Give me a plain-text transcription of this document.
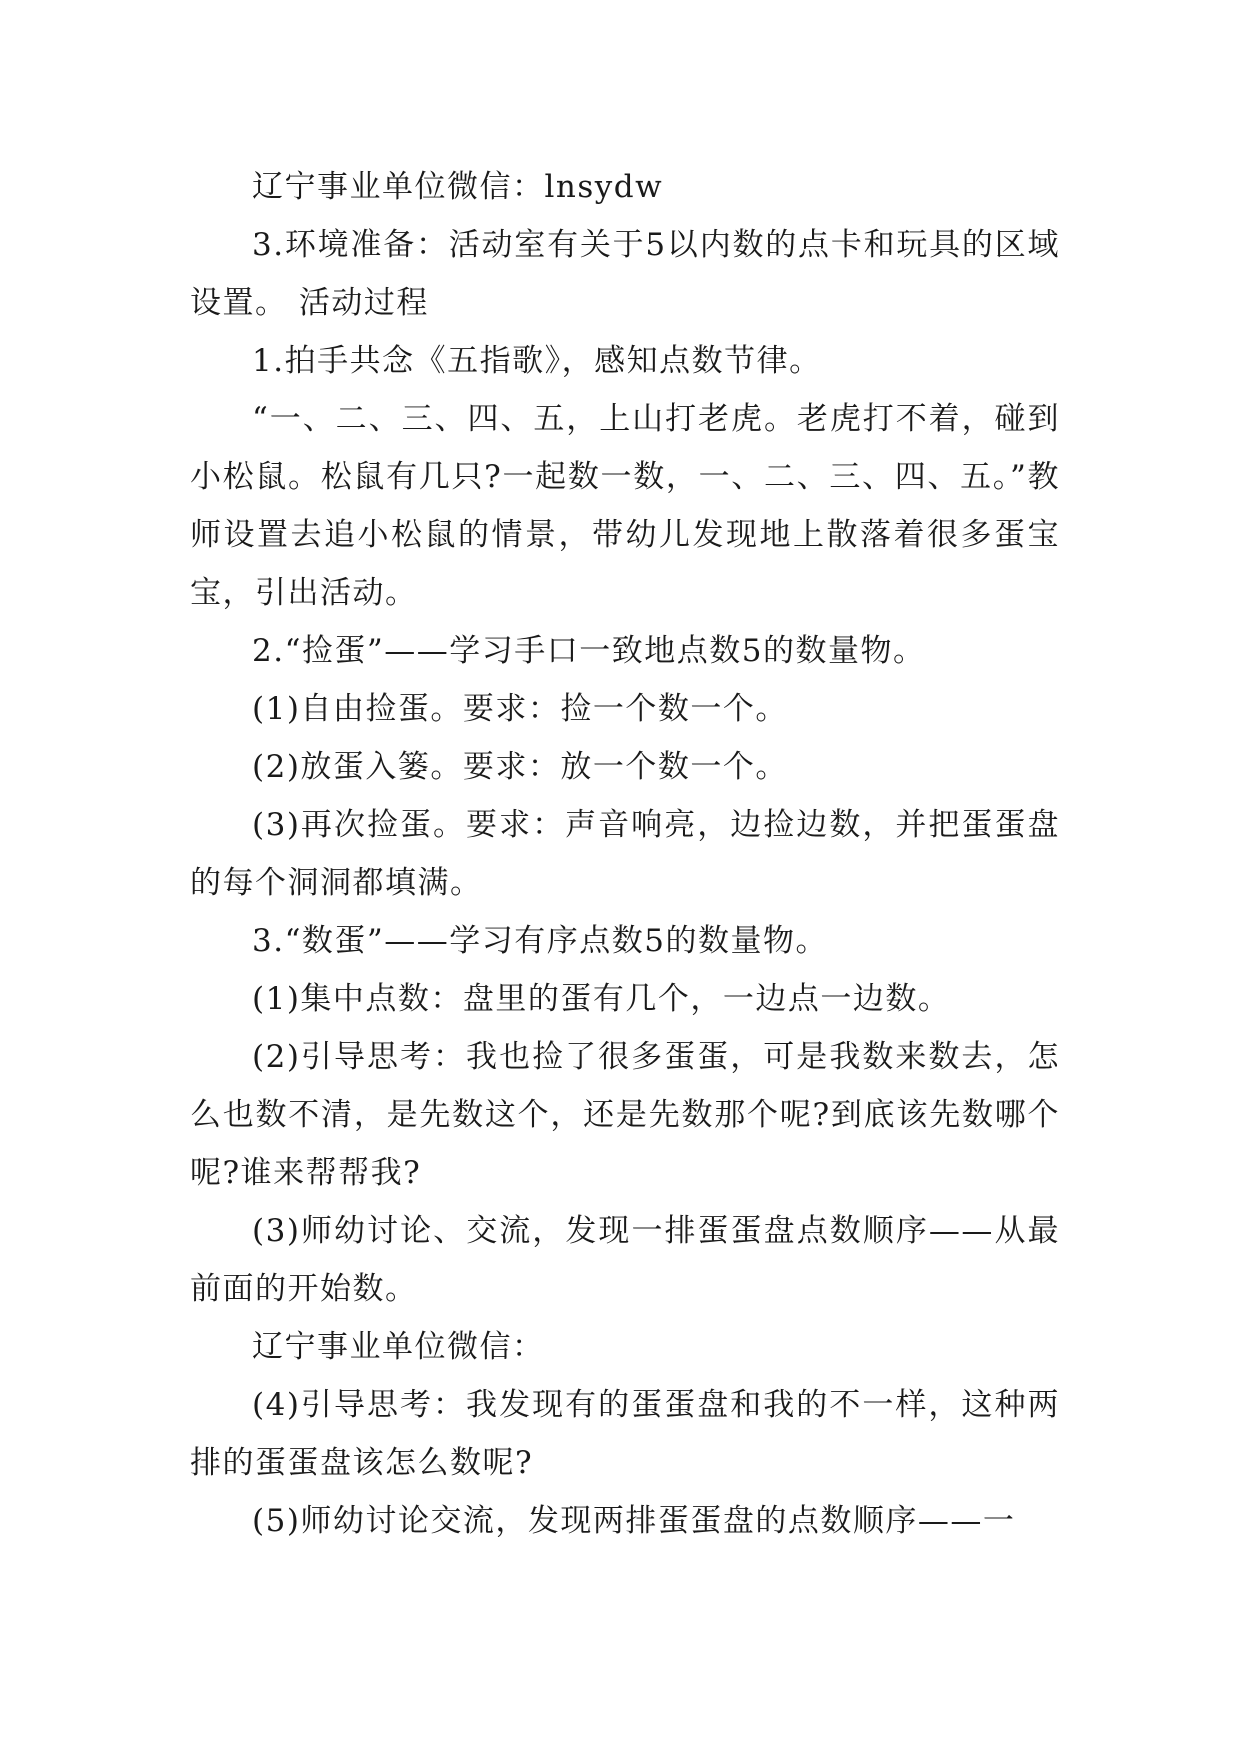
辽宁事业单位微信：lnsydw

3.环境准备：活动室有关于5以内数的点卡和玩具的区域设置。 活动过程

1.拍手共念《五指歌》，感知点数节律。

“一、二、三、四、五，上山打老虎。老虎打不着，碰到小松鼠。松鼠有几只?一起数一数，一、二、三、四、五。”教师设置去追小松鼠的情景，带幼儿发现地上散落着很多蛋宝宝，引出活动。

2.“捡蛋”——学习手口一致地点数5的数量物。

(1)自由捡蛋。要求：捡一个数一个。

(2)放蛋入篓。要求：放一个数一个。

(3)再次捡蛋。要求：声音响亮，边捡边数，并把蛋蛋盘的每个洞洞都填满。

3.“数蛋”——学习有序点数5的数量物。

(1)集中点数：盘里的蛋有几个，一边点一边数。

(2)引导思考：我也捡了很多蛋蛋，可是我数来数去，怎么也数不清，是先数这个，还是先数那个呢?到底该先数哪个呢?谁来帮帮我?

(3)师幼讨论、交流，发现一排蛋蛋盘点数顺序——从最前面的开始数。

辽宁事业单位微信：

(4)引导思考：我发现有的蛋蛋盘和我的不一样，这种两排的蛋蛋盘该怎么数呢?

(5)师幼讨论交流，发现两排蛋蛋盘的点数顺序——一
